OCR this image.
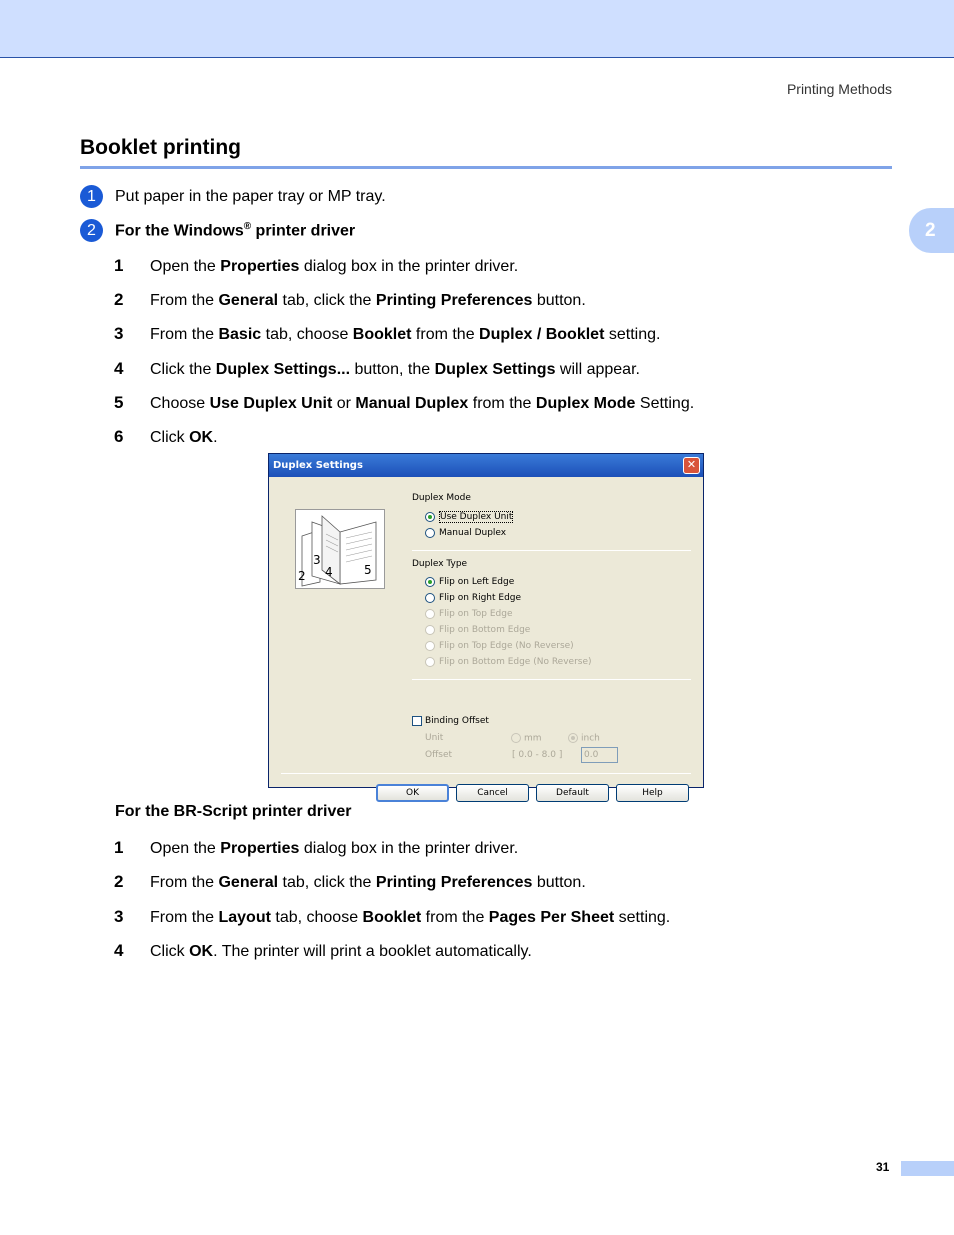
Printing Methods
2
Booklet printing
1	Put paper in the paper tray or MP tray.
2	For the Windows® printer driver
1 Open the Properties dialog box in the printer driver.
2 From the General tab, click the Printing Preferences button.
3 From the Basic tab, choose Booklet from the Duplex / Booklet setting.
4 Click the Duplex Settings... button, the Duplex Settings will appear.
5 Choose Use Duplex Unit or Manual Duplex from the Duplex Mode Setting.
6 Click OK.
Duplex Settings	✕
2
3
4	5
Duplex Mode
Use Duplex Unit
Manual Duplex
Duplex Type
Flip on Left Edge
Flip on Right Edge
Flip on Top Edge
Flip on Bottom Edge
Flip on Top Edge (No Reverse)
Flip on Bottom Edge (No Reverse)
Binding Offset
Unit	mm	inch
Offset	[ 0.0 - 8.0 ]	0.0
OK	Cancel	Default	Help
For the BR-Script printer driver
1 Open the Properties dialog box in the printer driver.
2 From the General tab, click the Printing Preferences button.
3 From the Layout tab, choose Booklet from the Pages Per Sheet setting.
4 Click OK. The printer will print a booklet automatically.
31
